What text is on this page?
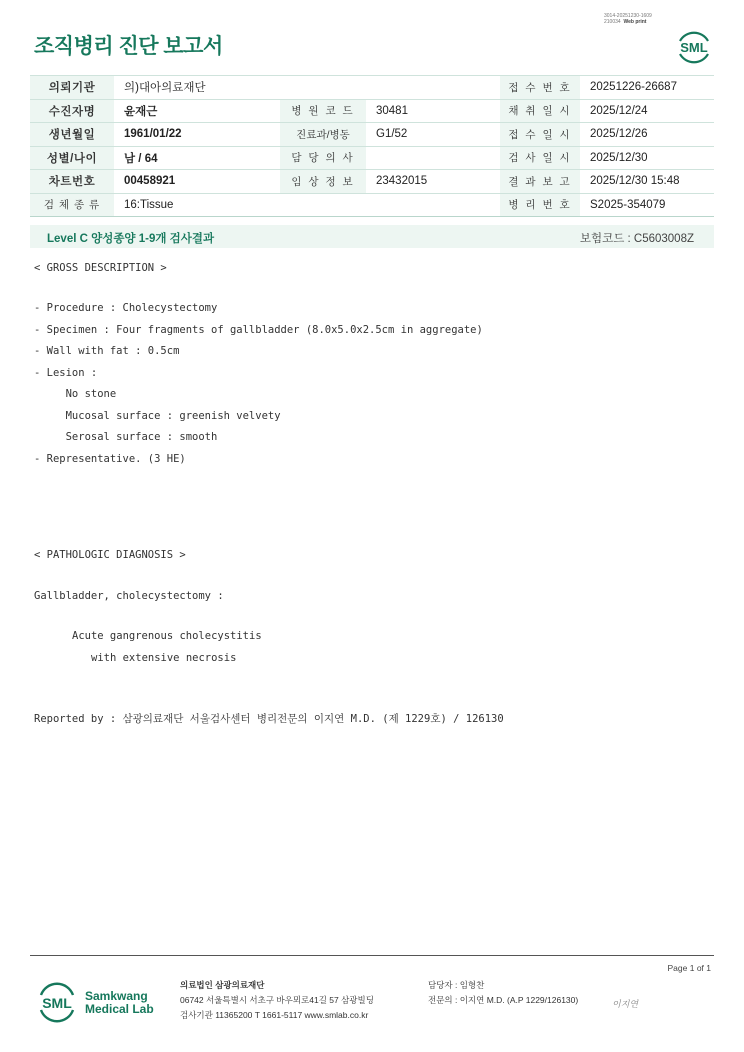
3014-20251230-1609
210034 Web print
조직병리 진단 보고서	SML
의뢰기관	의)대아의료재단			접 수 번 호	20251226-26687
수진자명	윤재근	병 원 코 드	30481	채 취 일 시	2025/12/24
생년월일	1961/01/22	진료과/병동	G1/52	접 수 일 시	2025/12/26
성별/나이	남 / 64	담 당 의 사		검 사 일 시	2025/12/30
차트번호	00458921	임 상 정 보	23432015	결 과 보 고	2025/12/30 15:48
검 체 종 류	16:Tissue			병 리 번 호	S2025-354079
Level C 양성종양 1-9개 검사결과	보험코드 : C5603008Z
< GROSS DESCRIPTION >
- Procedure : Cholecystectomy
- Specimen : Four fragments of gallbladder (8.0x5.0x2.5cm in aggregate)
- Wall with fat : 0.5cm
- Lesion :
No stone
Mucosal surface : greenish velvety
Serosal surface : smooth
- Representative. (3 HE)
< PATHOLOGIC DIAGNOSIS >
Gallbladder, cholecystectomy :
Acute gangrenous cholecystitis
with extensive necrosis
Reported by : 삼광의료재단 서울검사센터 병리전문의 이지연 M.D. (제 1229호) / 126130
Page 1 of 1
SML Samkwang
Medical Lab
의료법인 삼광의료재단
06742 서울특별시 서초구 바우뫼로41길 57 삼광빌딩
검사기관 11365200 T 1661-5117 www.smlab.co.kr
담당자 : 임형찬
전문의 : 이지연 M.D. (A.P 1229/126130)	이지연
